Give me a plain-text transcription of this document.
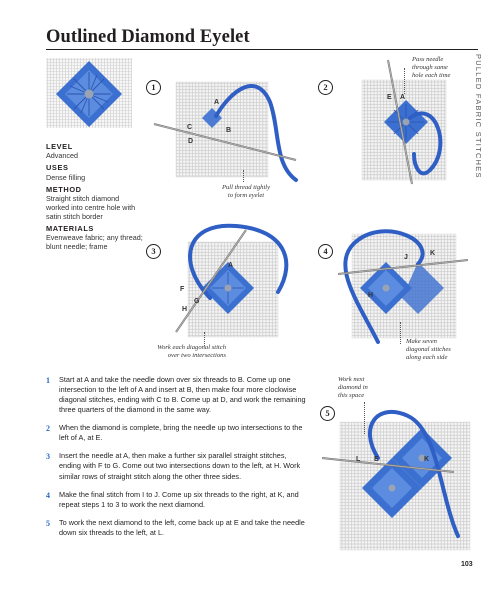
Outlined Diamond Eyelet
PULLED FABRIC STITCHES
LEVEL
Advanced
USES
Dense filling
METHOD
Straight stitch diamond worked into centre hole with satin stitch border
MATERIALS
Evenweave fabric; any thread; blunt needle; frame
1
A
C	B
D
Pull thread tightly
to form eyelet
2
E A
Pass needle
through same
hole each time
3
A
F
G
H
Work each diagonal stitch
over two intersections
4
J
K
H
Make seven
diagonal stitches
along each side
5
L E	K
Work next
diamond in
this space
1 Start at A and take the needle down over six threads to B. Come up one intersection to the left of A and insert at B, then make four more clockwise diagonal stitches, ending with C to B. Come up at D, and work the remaining three quarters of the diamond in the same way.
2 When the diamond is complete, bring the needle up two intersections to the left of A, at E.
3 Insert the needle at A, then make a further six parallel straight stitches, ending with F to G. Come out two intersections down to the left, at H. Work similar rows of straight stitch along the other three sides.
4 Make the final stitch from I to J. Come up six threads to the right, at K, and repeat steps 1 to 3 to work the next diamond.
5 To work the next diamond to the left, come back up at E and take the needle down six threads to the left, at L.
103
